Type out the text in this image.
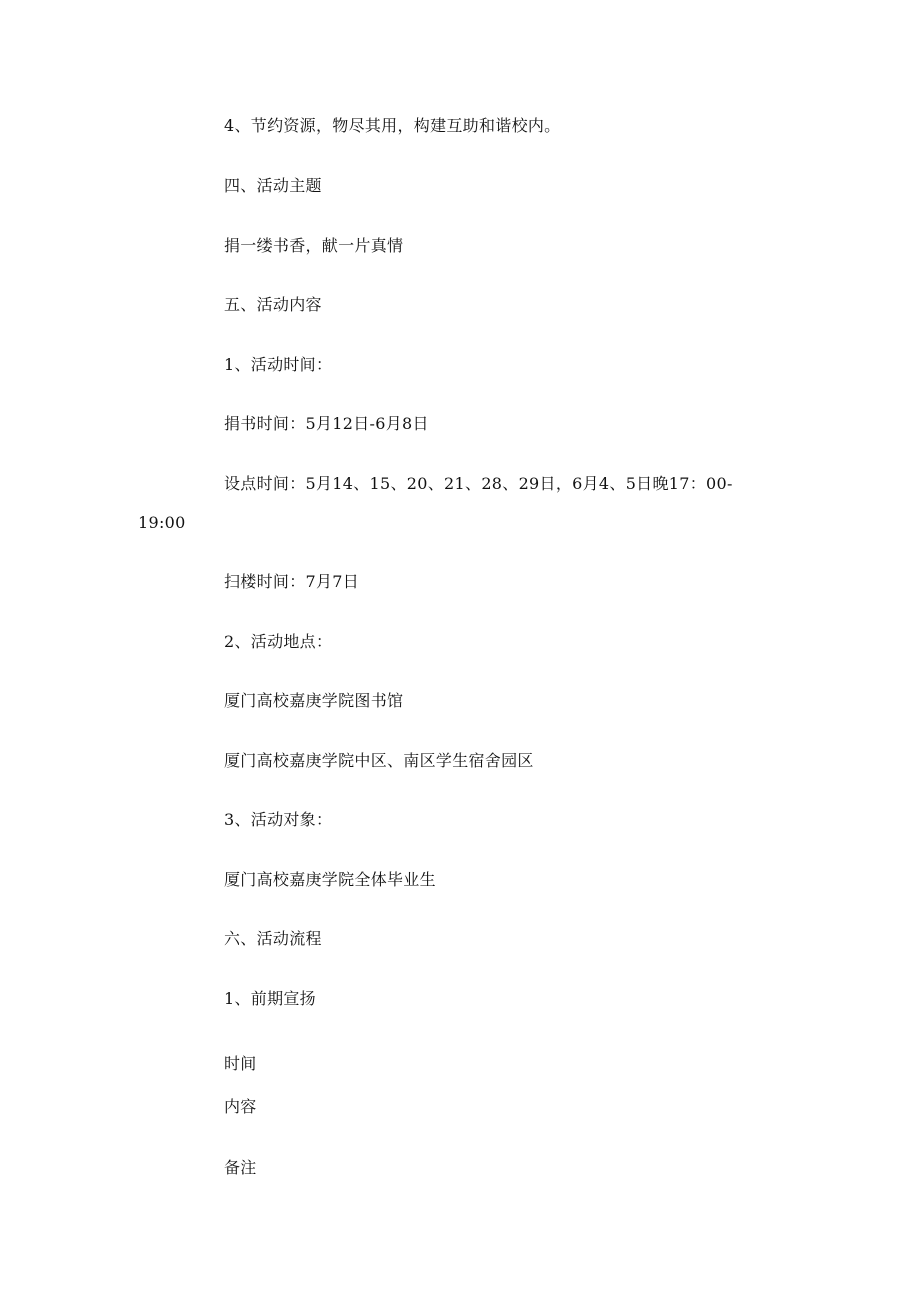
4、节约资源，物尽其用，构建互助和谐校内。
四、活动主题
捐一缕书香，献一片真情
五、活动内容
1、活动时间：
捐书时间：5月12日-6月8日
设点时间：5月14、15、20、21、28、29日，6月4、5日晚17：00-
19:00
扫楼时间：7月7日
2、活动地点：
厦门高校嘉庚学院图书馆
厦门高校嘉庚学院中区、南区学生宿舍园区
3、活动对象：
厦门高校嘉庚学院全体毕业生
六、活动流程
1、前期宣扬
时间
内容
备注
